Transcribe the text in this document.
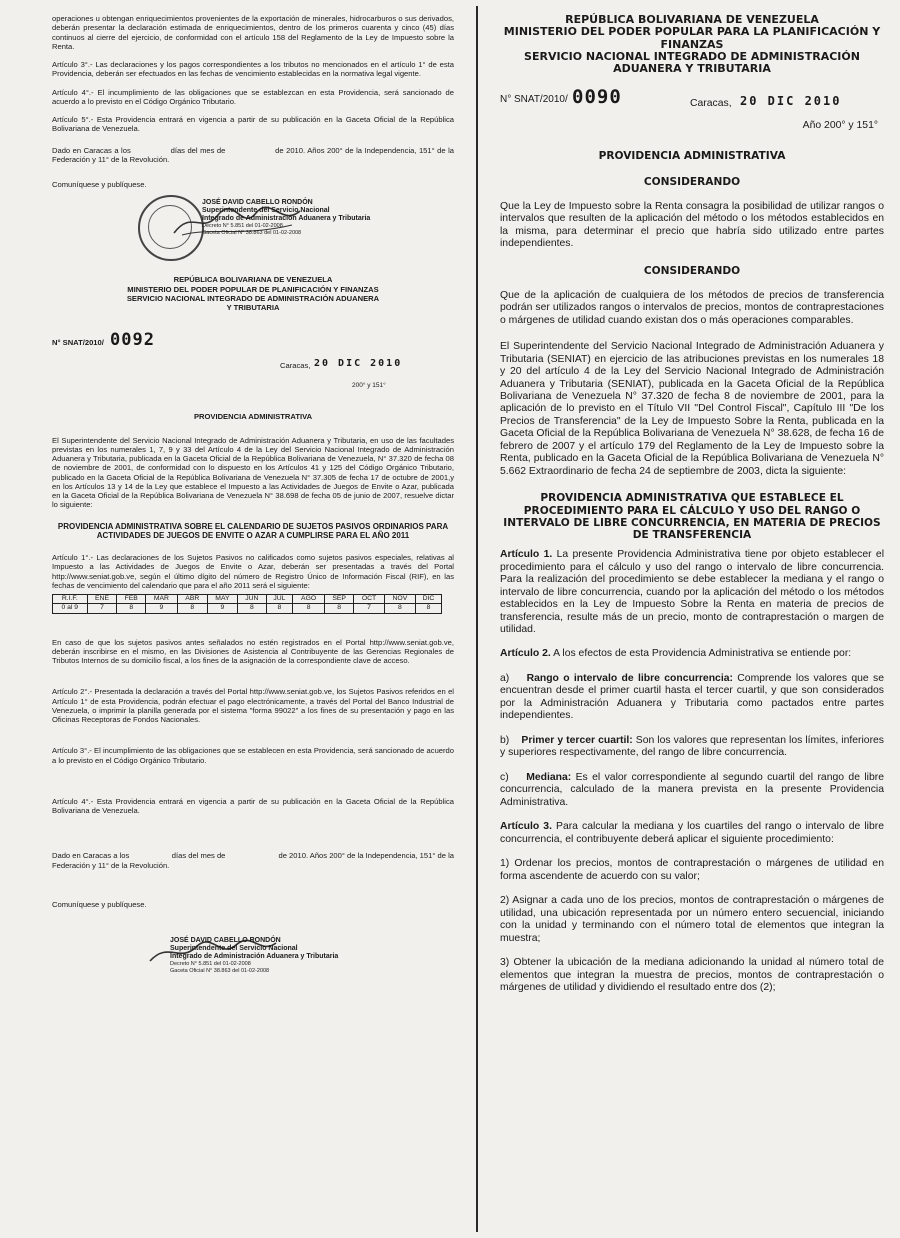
operaciones u obtengan enriquecimientos provenientes de la exportación de minerales, hidrocarburos o sus derivados, deberán presentar la declaración estimada de enriquecimientos, dentro de los primeros cuarenta y cinco (45) días continuos al cierre del ejercicio, de conformidad con el artículo 158 del Reglamento de la Ley de Impuesto sobre la Renta.

Artículo 3°.- Las declaraciones y los pagos correspondientes a los tributos no mencionados en el artículo 1° de esta Providencia, deberán ser efectuados en las fechas de vencimiento establecidas en la normativa legal vigente.

Artículo 4°.- El incumplimiento de las obligaciones que se establezcan en esta Providencia, será sancionado de acuerdo a lo previsto en el Código Orgánico Tributario.

Artículo 5°.- Esta Providencia entrará en vigencia a partir de su publicación en la Gaceta Oficial de la República Bolivariana de Venezuela.

Dado en Caracas a los                días del mes de                    de 2010. Años 200° de la Independencia, 151° de la Federación y 11° de la Revolución.

Comuníquese y publíquese.

JOSÉ DAVID CABELLO RONDÓN
Superintendente del Servicio Nacional
Integrado de Administración Aduanera y Tributaria
Decreto N° 5.851 del 01-02-2008
Gaceta Oficial N° 38.863 del 01-02-2008
REPÚBLICA BOLIVARIANA DE VENEZUELA
MINISTERIO DEL PODER POPULAR DE PLANIFICACIÓN Y FINANZAS
SERVICIO NACIONAL INTEGRADO DE ADMINISTRACIÓN ADUANERA
Y TRIBUTARIA
N° SNAT/2010/ 0092
Caracas, 20 DIC 2010
200° y 151°

PROVIDENCIA ADMINISTRATIVA

El Superintendente del Servicio Nacional Integrado de Administración Aduanera y Tributaria, en uso de las facultades previstas en los numerales 1, 7, 9 y 33 del Artículo 4 de la Ley del Servicio Nacional Integrado de Administración Aduanera y Tributaria, publicada en la Gaceta Oficial de la República Bolivariana de Venezuela, N° 37.320 de fecha 08 de noviembre de 2001, de conformidad con lo dispuesto en los Artículos 41 y 125 del Código Orgánico Tributario, publicado en la Gaceta Oficial de la República Bolivariana de Venezuela N° 37.305 de fecha 17 de octubre de 2001,y en los Artículos 13 y 14 de la Ley que establece el Impuesto a las Actividades de Juegos de Envite o Azar, publicada en la Gaceta Oficial de la República Bolivariana de Venezuela N° 38.698 de fecha 05 de junio de 2007, resuelve dictar lo siguiente:

PROVIDENCIA ADMINISTRATIVA SOBRE EL CALENDARIO DE SUJETOS PASIVOS ORDINARIOS PARA ACTIVIDADES DE JUEGOS DE ENVITE O AZAR A CUMPLIRSE PARA EL AÑO 2011

Artículo 1°.- Las declaraciones de los Sujetos Pasivos no calificados como sujetos pasivos especiales, relativas al Impuesto a las Actividades de Juegos de Envite o Azar, deberán ser presentadas a través del Portal http://www.seniat.gob.ve, según el último dígito del número de Registro Único de Información Fiscal (RIF), en las fechas de vencimiento del calendario que para el año 2011 será el siguiente:

R.I.F.	ENE	FEB	MAR	ABR	MAY	JUN	JUL	AGO	SEP	OCT	NOV	DIC
0 al 9	7	8	9	8	9	8	8	8	8	7	8	8

En caso de que los sujetos pasivos antes señalados no estén registrados en el Portal http://www.seniat.gob.ve, deberán inscribirse en el mismo, en las Divisiones de Asistencia al Contribuyente de las Gerencias Regionales de Tributos Internos de su domicilio fiscal, a los fines de la asignación de la correspondiente clave de acceso.

Artículo 2°.- Presentada la declaración a través del Portal http://www.seniat.gob.ve, los Sujetos Pasivos referidos en el Artículo 1° de esta Providencia, podrán efectuar el pago electrónicamente, a través del Portal del Banco Industrial de Venezuela, o imprimir la planilla generada por el sistema "forma 99022" a los fines de su presentación y pago en las Oficinas Receptoras de Fondos Nacionales.

Artículo 3°.- El incumplimiento de las obligaciones que se establecen en esta Providencia, será sancionado de acuerdo a lo previsto en el Código Orgánico Tributario.

Artículo 4°.- Esta Providencia entrará en vigencia a partir de su publicación en la Gaceta Oficial de la República Bolivariana de Venezuela.

Dado en Caracas a los                    días del mes de                         de 2010. Años 200° de la Independencia, 151° de la Federación y 11° de la Revolución.

Comuníquese y publíquese.

JOSÉ DAVID CABELLO RONDÓN
Superintendente del Servicio Nacional
Integrado de Administración Aduanera y Tributaria
Decreto N° 5.851 del 01-02-2008
Gaceta Oficial N° 38.863 del 01-02-2008
REPÚBLICA BOLIVARIANA DE VENEZUELA
MINISTERIO DEL PODER POPULAR PARA LA PLANIFICACIÓN Y FINANZAS
SERVICIO NACIONAL INTEGRADO DE ADMINISTRACIÓN ADUANERA Y TRIBUTARIA
N° SNAT/2010/ 0090	Caracas, 20 DIC 2010
Año 200° y 151°

PROVIDENCIA ADMINISTRATIVA

CONSIDERANDO

Que la Ley de Impuesto sobre la Renta consagra la posibilidad de utilizar rangos o intervalos que resulten de la aplicación del método o los métodos establecidos en la misma, para determinar el precio que habría sido utilizado entre partes independientes.

CONSIDERANDO

Que de la aplicación de cualquiera de los métodos de precios de transferencia podrán ser utilizados rangos o intervalos de precios, montos de contraprestaciones o márgenes de utilidad cuando existan dos o más operaciones comparables.

El Superintendente del Servicio Nacional Integrado de Administración Aduanera y Tributaria (SENIAT) en ejercicio de las atribuciones previstas en los numerales 18 y 20 del artículo 4 de la Ley del Servicio Nacional Integrado de Administración Aduanera y Tributaria (SENIAT), publicada en la Gaceta Oficial de la República Bolivariana de Venezuela N° 37.320 de fecha 8 de noviembre de 2001, para la aplicación de lo previsto en el Título VII "Del Control Fiscal", Capítulo III "De los Precios de Transferencia" de la Ley de Impuesto Sobre la Renta, publicada en la Gaceta Oficial de la República Bolivariana de Venezuela N° 38.628, de fecha 16 de febrero de 2007 y el artículo 179 del Reglamento de la Ley de Impuesto sobre la Renta, publicado en la Gaceta Oficial de la República Bolivariana de Venezuela N° 5.662 Extraordinario de fecha 24 de septiembre de 2003, dicta la siguiente:

PROVIDENCIA ADMINISTRATIVA QUE ESTABLECE EL PROCEDIMIENTO PARA EL CÁLCULO Y USO DEL RANGO O INTERVALO DE LIBRE CONCURRENCIA, EN MATERIA DE PRECIOS DE TRANSFERENCIA

Artículo 1. La presente Providencia Administrativa tiene por objeto establecer el procedimiento para el cálculo y uso del rango o intervalo de libre concurrencia. Para la realización del procedimiento se debe establecer la mediana y el rango o intervalo de libre concurrencia, cuando por la aplicación del método o los métodos establecidos en la Ley de Impuesto Sobre la Renta en materia de precios de transferencia, resulte más de un precio, monto de contraprestación o margen de utilidad.

Artículo 2. A los efectos de esta Providencia Administrativa se entiende por:

a) Rango o intervalo de libre concurrencia: Comprende los valores que se encuentran desde el primer cuartil hasta el tercer cuartil, y que son considerados por la Administración Aduanera y Tributaria como pactados entre partes independientes.

b) Primer y tercer cuartil: Son los valores que representan los límites, inferiores y superiores respectivamente, del rango de libre concurrencia.

c) Mediana: Es el valor correspondiente al segundo cuartil del rango de libre concurrencia, calculado de la manera prevista en la presente Providencia Administrativa.

Artículo 3. Para calcular la mediana y los cuartiles del rango o intervalo de libre concurrencia, el contribuyente deberá aplicar el siguiente procedimiento:

1) Ordenar los precios, montos de contraprestación o márgenes de utilidad en forma ascendente de acuerdo con su valor;

2) Asignar a cada uno de los precios, montos de contraprestación o márgenes de utilidad, una ubicación representada por un número entero secuencial, iniciando con la unidad y terminando con el número total de elementos que integran la muestra;

3) Obtener la ubicación de la mediana adicionando la unidad al número total de elementos que integran la muestra de precios, montos de contraprestación o márgenes de utilidad y dividiendo el resultado entre dos (2);
